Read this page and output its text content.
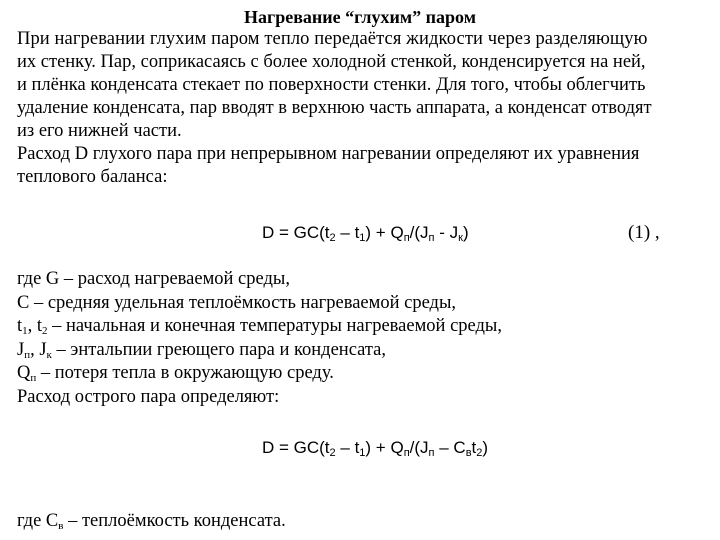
Нагревание “глухим” паром
При нагревании глухим паром тепло передаётся жидкости через разделяющую
их стенку. Пар, соприкасаясь с более холодной стенкой, конденсируется на ней,
и плёнка конденсата стекает по поверхности стенки. Для того, чтобы облегчить
удаление конденсата, пар вводят в верхнюю часть аппарата, а конденсат отводят
из его нижней части.
Расход D глухого пара при непрерывном нагревании определяют их уравнения
теплового баланса:
$D = GC(t_2 - t_1) + Q_п/(J_п - J_к)$	(1) ,
где G – расход нагреваемой среды,
С – средняя удельная теплоёмкость нагреваемой среды,
$t_1$, $t_2$ – начальная и конечная температуры нагреваемой среды,
$J_п$, $J_к$ – энтальпии греющего пара и конденсата,
$Q_п$ – потеря тепла в окружающую среду.
Расход острого пара определяют:
$D = GC(t_2 - t_1) + Q_п/(J_п - C_вt_2)$
где $C_в$ – теплоёмкость конденсата.
